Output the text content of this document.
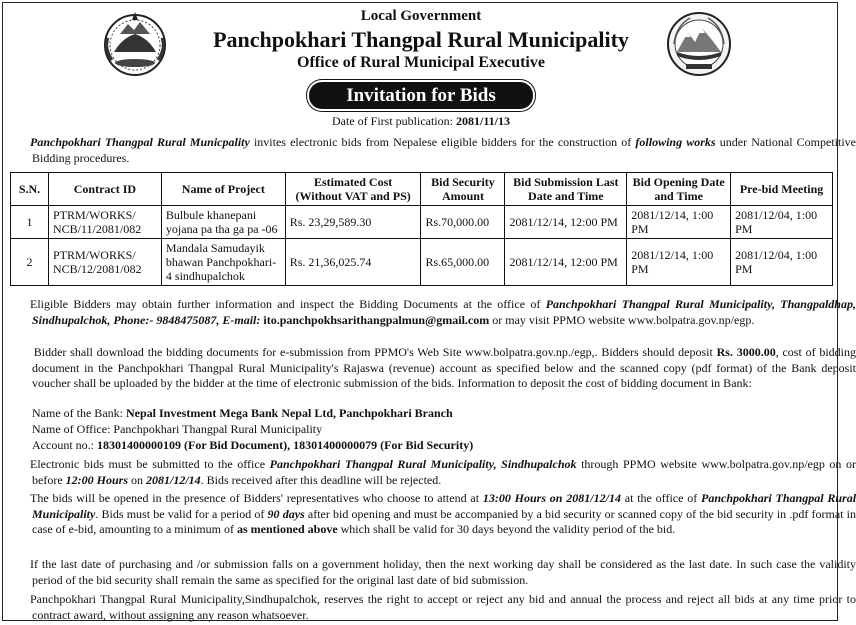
Local Government
Panchpokhari Thangpal Rural Municipality
Office of Rural Municipal Executive
Invitation for Bids
Date of First publication: 2081/11/13
Panchpokhari Thangpal Rural Municpality invites electronic bids from Nepalese eligible bidders for the construction of following works under National Competitive Bidding procedures.
S.N.	Contract ID	Name of Project	Estimated Cost (Without VAT and PS)	Bid Security Amount	Bid Submission Last Date and Time	Bid Opening Date and Time	Pre-bid Meeting
1	PTRM/WORKS/ NCB/11/2081/082	Bulbule khanepani yojana pa tha ga pa -06	Rs. 23,29,589.30	Rs.70,000.00	2081/12/14, 12:00 PM	2081/12/14, 1:00 PM	2081/12/04, 1:00 PM
2	PTRM/WORKS/ NCB/12/2081/082	Mandala Samudayik bhawan Panchpokhari-4 sindhupalchok	Rs. 21,36,025.74	Rs.65,000.00	2081/12/14, 12:00 PM	2081/12/14, 1:00 PM	2081/12/04, 1:00 PM
Eligible Bidders may obtain further information and inspect the Bidding Documents at the office of Panchpokhari Thangpal Rural Municipality, Thangpaldhap, Sindhupalchok, Phone:- 9848475087, E-mail: ito.panchpokhsarithangpalmun@gmail.com or may visit PPMO website www.bolpatra.gov.np/egp.
Bidder shall download the bidding documents for e-submission from PPMO's Web Site www.bolpatra.gov.np./egp,. Bidders should deposit Rs. 3000.00, cost of bidding document in the Panchpokhari Thangpal Rural Municipality's Rajaswa (revenue) account as specified below and the scanned copy (pdf format) of the Bank deposit voucher shall be uploaded by the bidder at the time of electronic submission of the bids. Information to deposit the cost of bidding document in Bank:
Name of the Bank: Nepal Investment Mega Bank Nepal Ltd, Panchpokhari Branch
Name of Office: Panchpokhari Thangpal Rural Municipality
Account no.: 18301400000109 (For Bid Document), 18301400000079 (For Bid Security)
Electronic bids must be submitted to the office Panchpokhari Thangpal Rural Municipality, Sindhupalchok through PPMO website www.bolpatra.gov.np/egp on or before 12:00 Hours on 2081/12/14. Bids received after this deadline will be rejected.
The bids will be opened in the presence of Bidders' representatives who choose to attend at 13:00 Hours on 2081/12/14 at the office of Panchpokhari Thangpal Rural Municipality. Bids must be valid for a period of 90 days after bid opening and must be accompanied by a bid security or scanned copy of the bid security in .pdf format in case of e-bid, amounting to a minimum of as mentioned above which shall be valid for 30 days beyond the validity period of the bid.
If the last date of purchasing and /or submission falls on a government holiday, then the next working day shall be considered as the last date. In such case the validity period of the bid security shall remain the same as specified for the original last date of bid submission.
Panchpokhari Thangpal Rural Municipality,Sindhupalchok, reserves the right to accept or reject any bid and annual the process and reject all bids at any time prior to contract award, without assigning any reason whatsoever.
